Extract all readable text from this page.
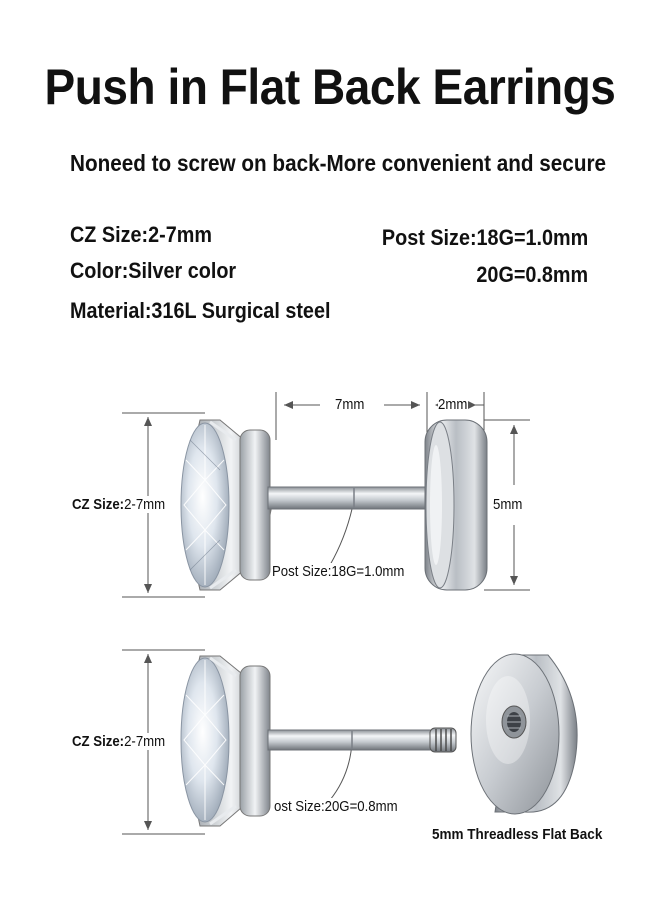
Push in Flat Back Earrings
Noneed to screw on back-More convenient and secure
CZ Size:2-7mm
Color:Silver color
Material:316L Surgical steel
Post Size:18G=1.0mm
20G=0.8mm
CZ Size:2-7mm
7mm	2mm
5mm
Post Size:18G=1.0mm
CZ Size:2-7mm
ost Size:20G=0.8mm
5mm Threadless Flat Back
